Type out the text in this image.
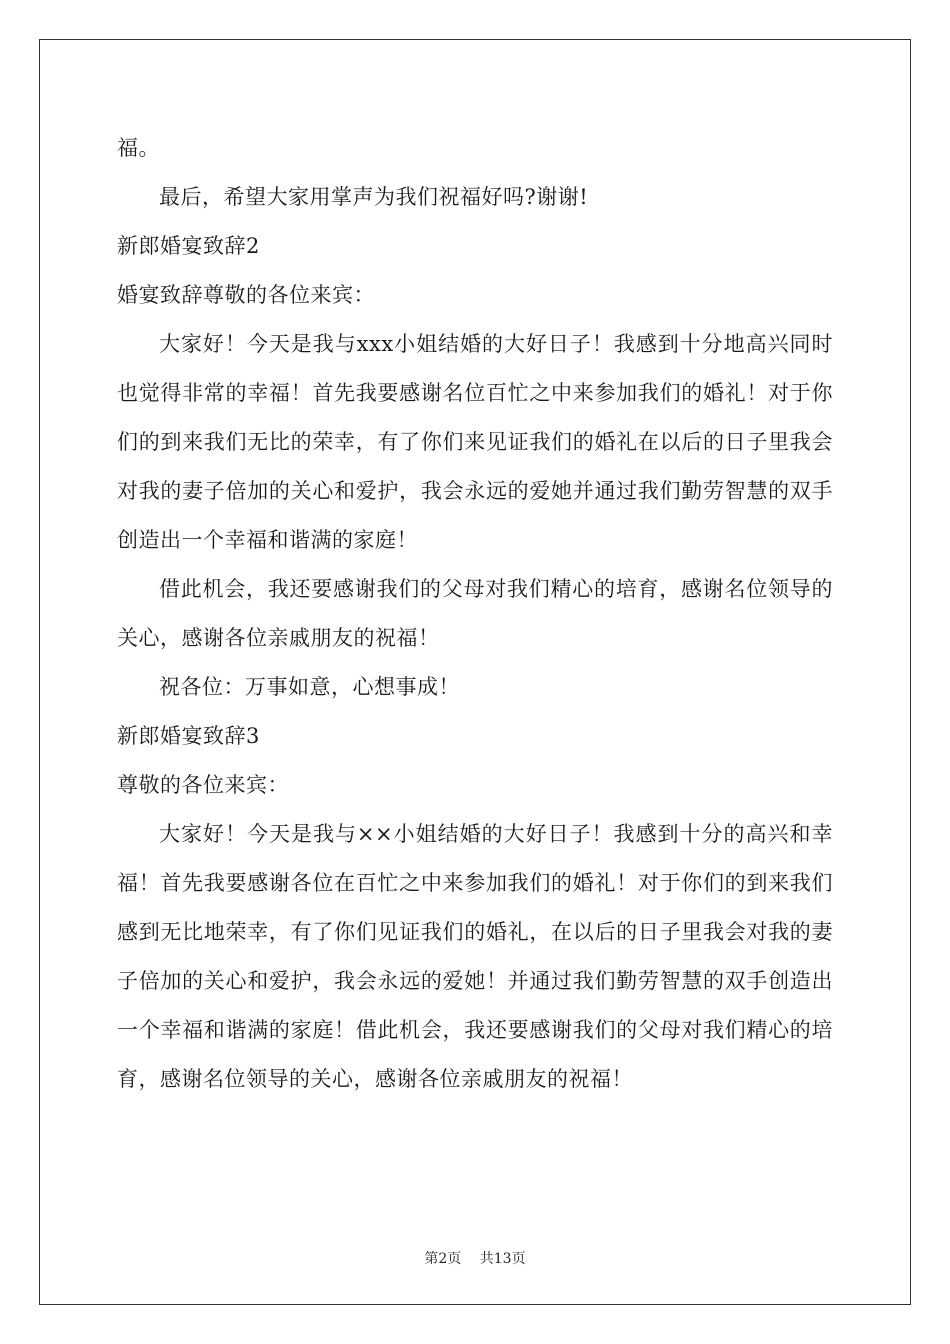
福。

最后，希望大家用掌声为我们祝福好吗?谢谢!

新郎婚宴致辞2

婚宴致辞尊敬的各位来宾：

大家好！今天是我与xxx小姐结婚的大好日子！我感到十分地高兴同时也觉得非常的幸福！首先我要感谢名位百忙之中来参加我们的婚礼！对于你们的到来我们无比的荣幸，有了你们来见证我们的婚礼在以后的日子里我会对我的妻子倍加的关心和爱护，我会永远的爱她并通过我们勤劳智慧的双手创造出一个幸福和谐满的家庭！

借此机会，我还要感谢我们的父母对我们精心的培育，感谢名位领导的关心，感谢各位亲戚朋友的祝福！

祝各位：万事如意，心想事成！

新郎婚宴致辞3

尊敬的各位来宾：

大家好！今天是我与××小姐结婚的大好日子！我感到十分的高兴和幸福！首先我要感谢各位在百忙之中来参加我们的婚礼！对于你们的到来我们感到无比地荣幸，有了你们见证我们的婚礼，在以后的日子里我会对我的妻子倍加的关心和爱护，我会永远的爱她！并通过我们勤劳智慧的双手创造出一个幸福和谐满的家庭！借此机会，我还要感谢我们的父母对我们精心的培育，感谢名位领导的关心，感谢各位亲戚朋友的祝福！

第2页 共13页
